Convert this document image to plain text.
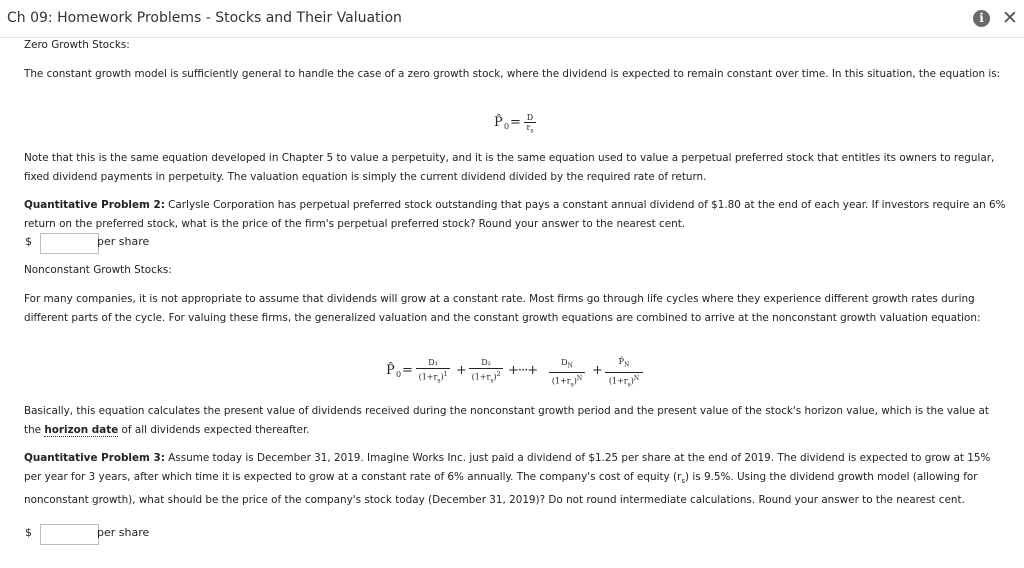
Ch 09: Homework Problems - Stocks and Their Valuation	i ✕
Zero Growth Stocks:
The constant growth model is sufficiently general to handle the case of a zero growth stock, where the dividend is expected to remain constant over time. In this situation, the equation is:
P̂ $0 = \frac{D}{r_s}$
Note that this is the same equation developed in Chapter 5 to value a perpetuity, and it is the same equation used to value a perpetual preferred stock that entitles its owners to regular, fixed dividend payments in perpetuity. The valuation equation is simply the current dividend divided by the required rate of return.
Quantitative Problem 2: Carlysle Corporation has perpetual preferred stock outstanding that pays a constant annual dividend of $1.80 at the end of each year. If investors require an 6% return on the preferred stock, what is the price of the firm's perpetual preferred stock? Round your answer to the nearest cent.
$	per share
Nonconstant Growth Stocks:
For many companies, it is not appropriate to assume that dividends will grow at a constant rate. Most firms go through life cycles where they experience different growth rates during different parts of the cycle. For valuing these firms, the generalized valuation and the constant growth equations are combined to arrive at the nonconstant growth valuation equation:
P̂ $0 = \frac{\text{D₁}}{(1+r_s)^1} + \frac{\text{D₂}}{(1+r_s)^2}$ +···+ $\frac{D_N}{(1+r_s)^N} + \frac{P̂_N}{(1+r_s)^N}$
Basically, this equation calculates the present value of dividends received during the nonconstant growth period and the present value of the stock's horizon value, which is the value at the horizon date of all dividends expected thereafter.
Quantitative Problem 3: Assume today is December 31, 2019. Imagine Works Inc. just paid a dividend of $1.25 per share at the end of 2019. The dividend is expected to grow at 15% per year for 3 years, after which time it is expected to grow at a constant rate of 6% annually. The company's cost of equity $(r_s)$ is 9.5%. Using the dividend growth model (allowing for nonconstant growth), what should be the price of the company's stock today (December 31, 2019)? Do not round intermediate calculations. Round your answer to the nearest cent.
$	per share
